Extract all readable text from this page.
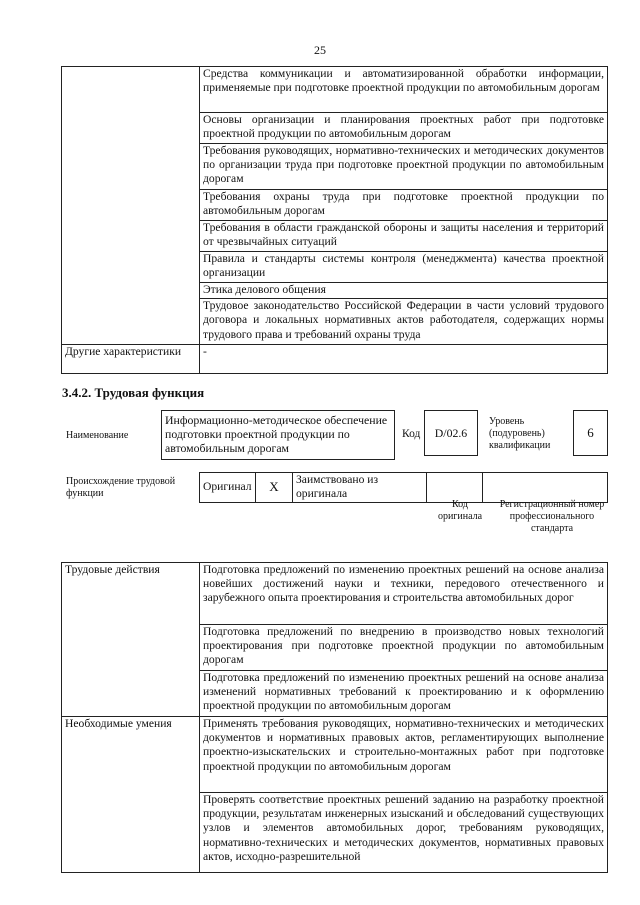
25
	Средства коммуникации и автоматизированной обработки информации, применяемые при подготовке проектной продукции по автомобильным дорогам
	Основы организации и планирования проектных работ при подготовке проектной продукции по автомобильным дорогам
	Требования руководящих, нормативно-технических и методических документов по организации труда при подготовке проектной продукции по автомобильным дорогам
	Требования охраны труда при подготовке проектной продукции по автомобильным дорогам
	Требования в области гражданской обороны и защиты населения и территорий от чрезвычайных ситуаций
	Правила и стандарты системы контроля (менеджмента) качества проектной организации
	Этика делового общения
	Трудовое законодательство Российской Федерации в части условий трудового договора и локальных нормативных актов работодателя, содержащих нормы трудового права и требований охраны труда
Другие характеристики	-
3.4.2. Трудовая функция
Наименование
Информационно-методическое обеспечение подготовки проектной продукции по автомобильным дорогам
Код	D/02.6
Уровень (подуровень) квалификации
6
Происхождение трудовой функции
Оригинал	X	Заимствовано из оригинала		
Код оригинала
Регистрационный номер профессионального стандарта
Трудовые действия	Подготовка предложений по изменению проектных решений на основе анализа новейших достижений науки и техники, передового отечественного и зарубежного опыта проектирования и строительства автомобильных дорог
	Подготовка предложений по внедрению в производство новых технологий проектирования при подготовке проектной продукции по автомобильным дорогам
	Подготовка предложений по изменению проектных решений на основе анализа изменений нормативных требований к проектированию и к оформлению проектной продукции по автомобильным дорогам
Необходимые умения	Применять требования руководящих, нормативно-технических и методических документов и нормативных правовых актов, регламентирующих выполнение проектно-изыскательских и строительно-монтажных работ при подготовке проектной продукции по автомобильным дорогам
	Проверять соответствие проектных решений заданию на разработку проектной продукции, результатам инженерных изысканий и обследований существующих узлов и элементов автомобильных дорог, требованиям руководящих, нормативно-технических и методических документов, нормативных правовых актов, исходно-разрешительной
